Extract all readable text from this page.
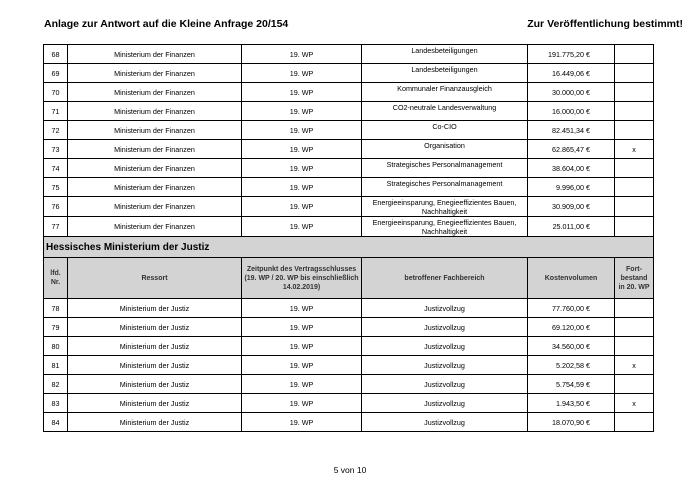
Anlage zur Antwort auf die Kleine Anfrage 20/154	Zur Veröffentlichung bestimmt!
68	Ministerium der Finanzen	19. WP	Landesbeteiligungen	191.775,20 €	
69	Ministerium der Finanzen	19. WP	Landesbeteiligungen	16.449,06 €	
70	Ministerium der Finanzen	19. WP	Kommunaler Finanzausgleich	30.000,00 €	
71	Ministerium der Finanzen	19. WP	CO2-neutrale Landesverwaltung	16.000,00 €	
72	Ministerium der Finanzen	19. WP	Co-CIO	82.451,34 €	
73	Ministerium der Finanzen	19. WP	Organisation	62.865,47 €	x
74	Ministerium der Finanzen	19. WP	Strategisches Personalmanagement	38.604,00 €	
75	Ministerium der Finanzen	19. WP	Strategisches Personalmanagement	9.996,00 €	
76	Ministerium der Finanzen	19. WP	Energieeinsparung, Enegieeffizientes Bauen, Nachhaltigkeit	30.909,00 €	
77	Ministerium der Finanzen	19. WP	Energieeinsparung, Enegieeffizientes Bauen, Nachhaltigkeit	25.011,00 €	
Hessisches Ministerium der Justiz					
lfd. Nr.	Ressort	Zeitpunkt des Vertragsschlusses (19. WP / 20. WP bis einschließlich 14.02.2019)	betroffener Fachbereich	Kostenvolumen	Fort-bestand in 20. WP
78	Ministerium der Justiz	19. WP	Justizvollzug	77.760,00 €	
79	Ministerium der Justiz	19. WP	Justizvollzug	69.120,00 €	
80	Ministerium der Justiz	19. WP	Justizvollzug	34.560,00 €	
81	Ministerium der Justiz	19. WP	Justizvollzug	5.202,58 €	x
82	Ministerium der Justiz	19. WP	Justizvollzug	5.754,59 €	
83	Ministerium der Justiz	19. WP	Justizvollzug	1.943,50 €	x
84	Ministerium der Justiz	19. WP	Justizvollzug	18.070,90 €	
5 von 10
